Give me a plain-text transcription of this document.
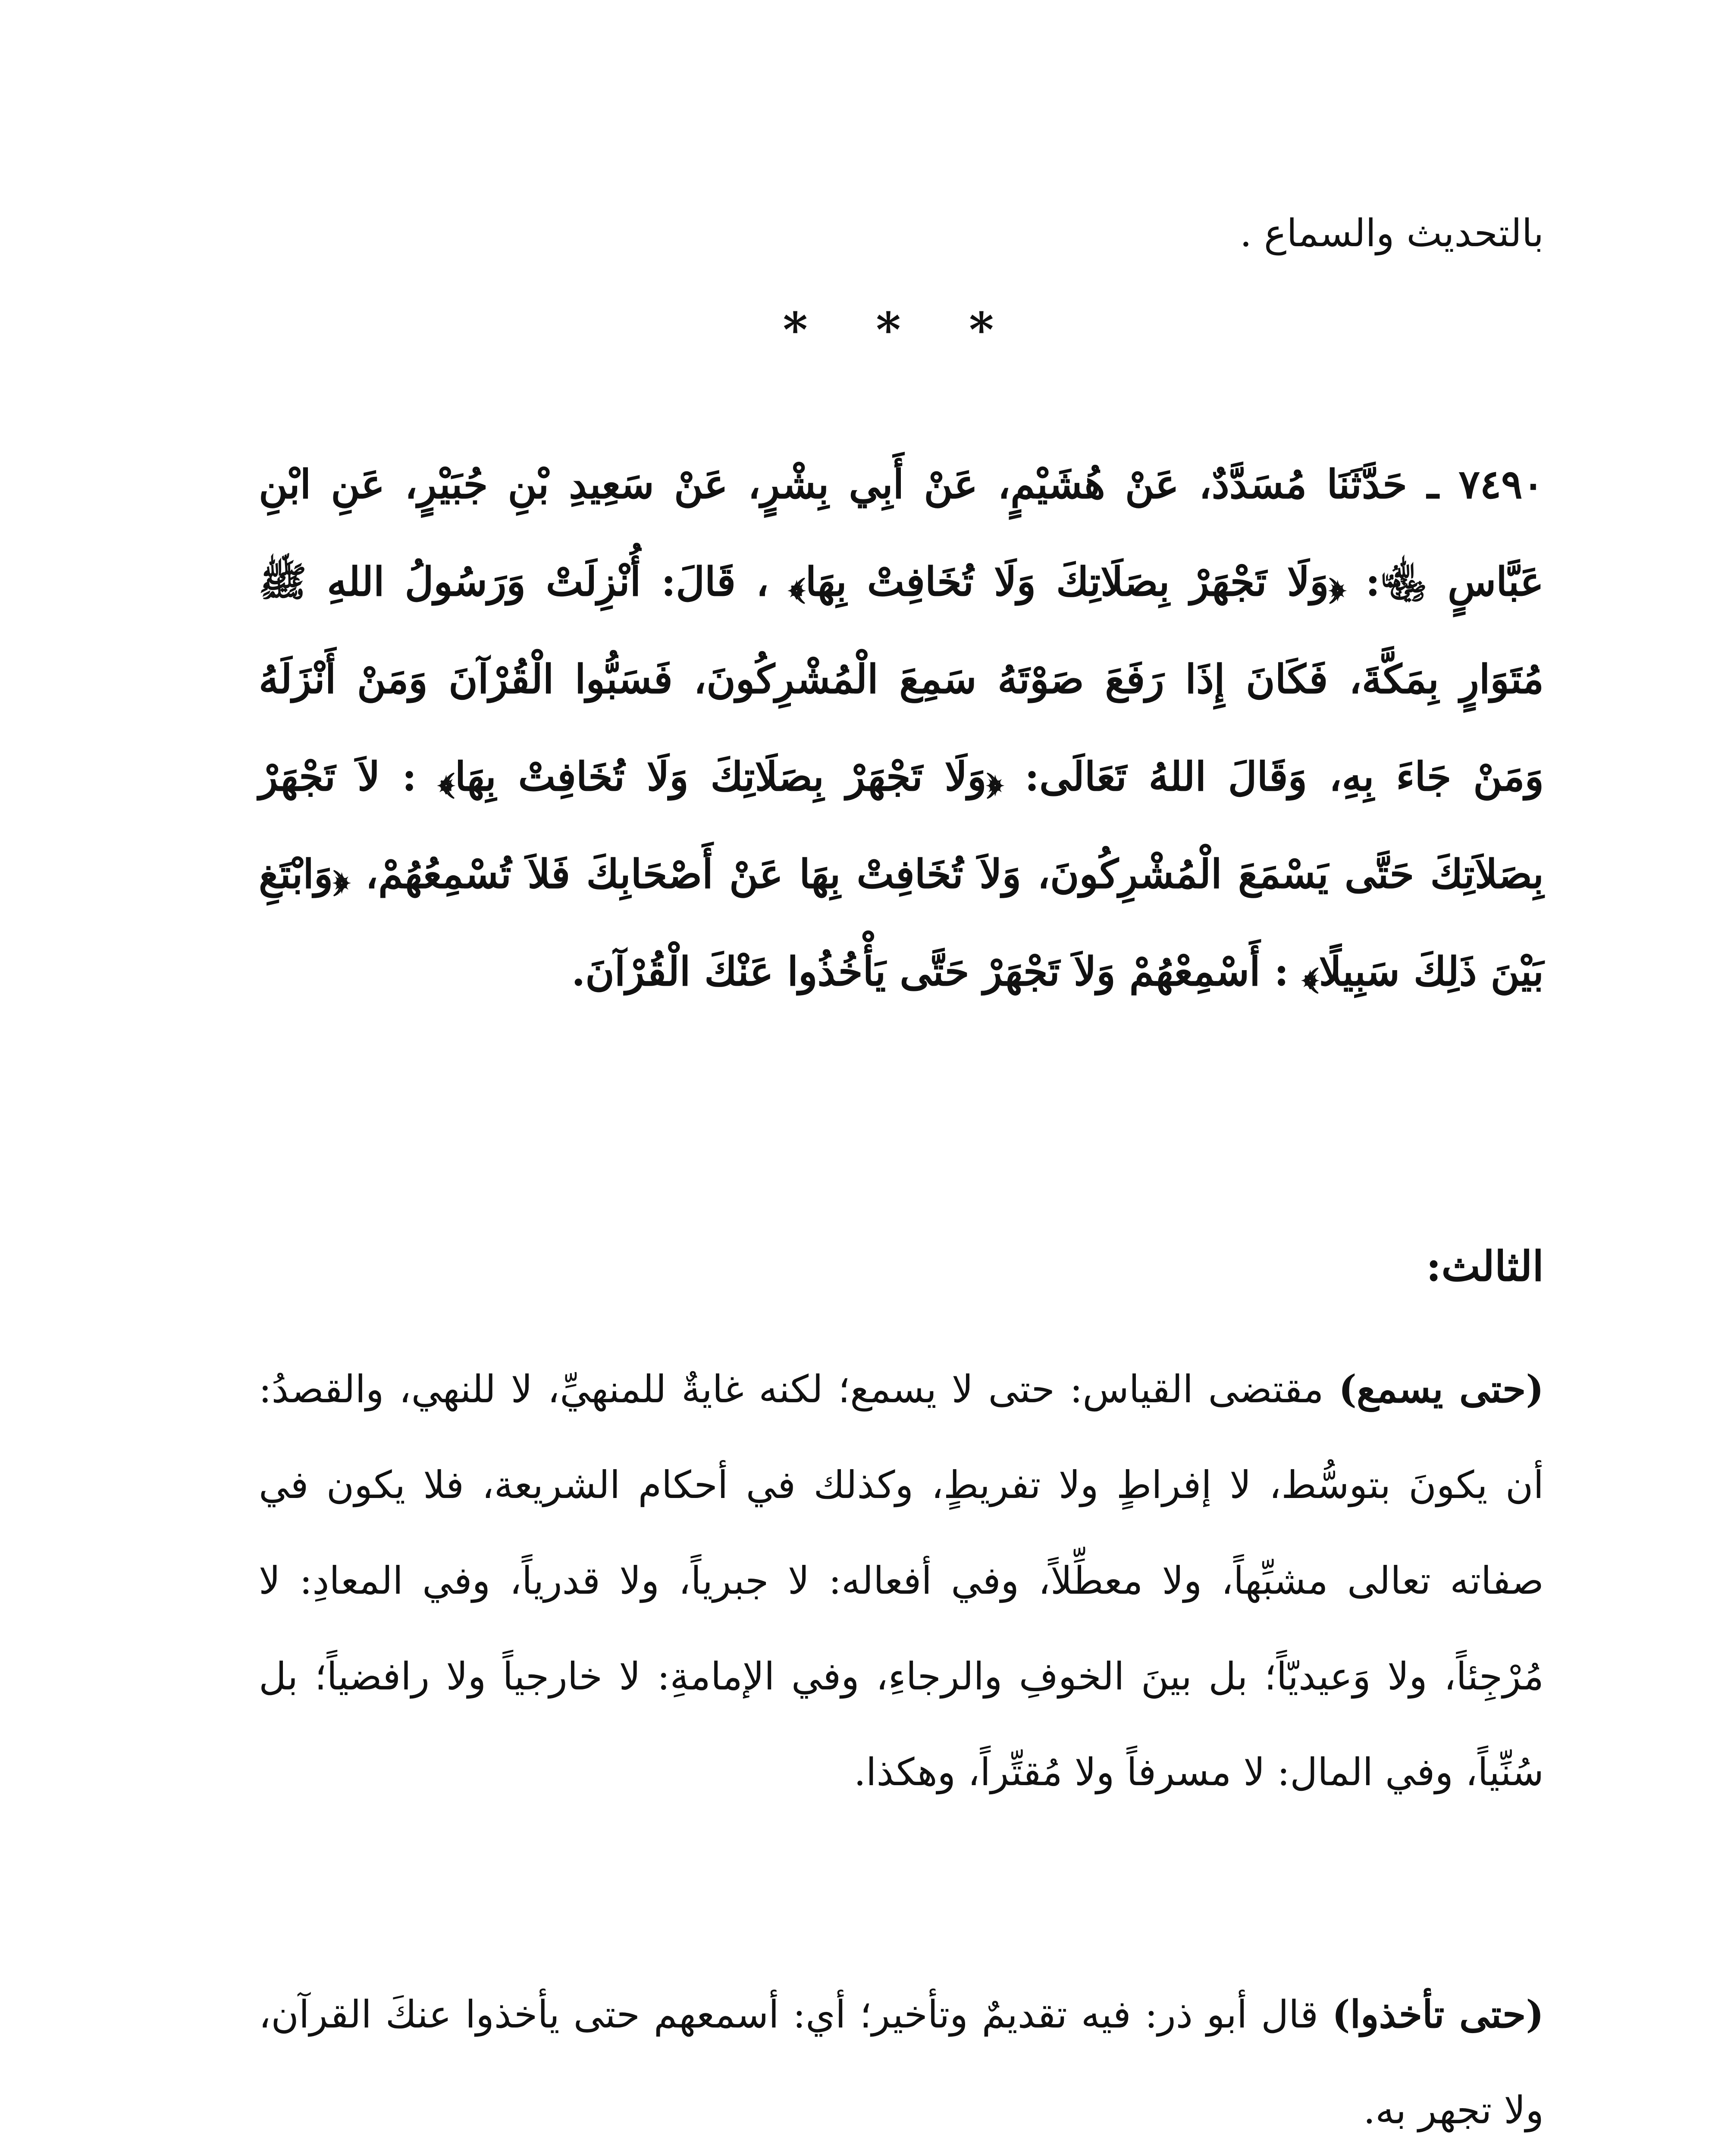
بالتحديث والسماع .

* * *

٧٤٩٠ ـ حَدَّثَنَا مُسَدَّدٌ، عَنْ هُشَيْمٍ، عَنْ أَبِي بِشْرٍ، عَنْ سَعِيدِ بْنِ جُبَيْرٍ، عَنِ ابْنِ عَبَّاسٍ ﵄: ﴿وَلَا تَجْهَرْ بِصَلَاتِكَ وَلَا تُخَافِتْ بِهَا﴾ ، قَالَ: أُنْزِلَتْ وَرَسُولُ اللهِ ﷺ مُتَوَارٍ بِمَكَّةَ، فَكَانَ إِذَا رَفَعَ صَوْتَهُ سَمِعَ الْمُشْرِكُونَ، فَسَبُّوا الْقُرْآنَ وَمَنْ أَنْزَلَهُ وَمَنْ جَاءَ بِهِ، وَقَالَ اللهُ تَعَالَى: ﴿وَلَا تَجْهَرْ بِصَلَاتِكَ وَلَا تُخَافِتْ بِهَا﴾ : لاَ تَجْهَرْ بِصَلاَتِكَ حَتَّى يَسْمَعَ الْمُشْرِكُونَ، وَلاَ تُخَافِتْ بِهَا عَنْ أَصْحَابِكَ فَلاَ تُسْمِعُهُمْ، ﴿وَابْتَغِ بَيْنَ ذَلِكَ سَبِيلًا﴾ : أَسْمِعْهُمْ وَلاَ تَجْهَرْ حَتَّى يَأْخُذُوا عَنْكَ الْقُرْآنَ.

الثالث:

(حتى يسمع) مقتضى القياس: حتى لا يسمع؛ لكنه غايةٌ للمنهيِّ، لا للنهي، والقصدُ: أن يكونَ بتوسُّط، لا إفراطٍ ولا تفريطٍ، وكذلك في أحكام الشريعة، فلا يكون في صفاته تعالى مشبِّهاً، ولا معطِّلاً، وفي أفعاله: لا جبرياً، ولا قدرياً، وفي المعادِ: لا مُرْجِئاً، ولا وَعيديّاً؛ بل بينَ الخوفِ والرجاءِ، وفي الإمامةِ: لا خارجياً ولا رافضياً؛ بل سُنِّياً، وفي المال: لا مسرفاً ولا مُقتِّراً، وهكذا.

(حتى تأخذوا) قال أبو ذر: فيه تقديمٌ وتأخير؛ أي: أسمعهم حتى يأخذوا عنكَ القرآن، ولا تجهر به.
